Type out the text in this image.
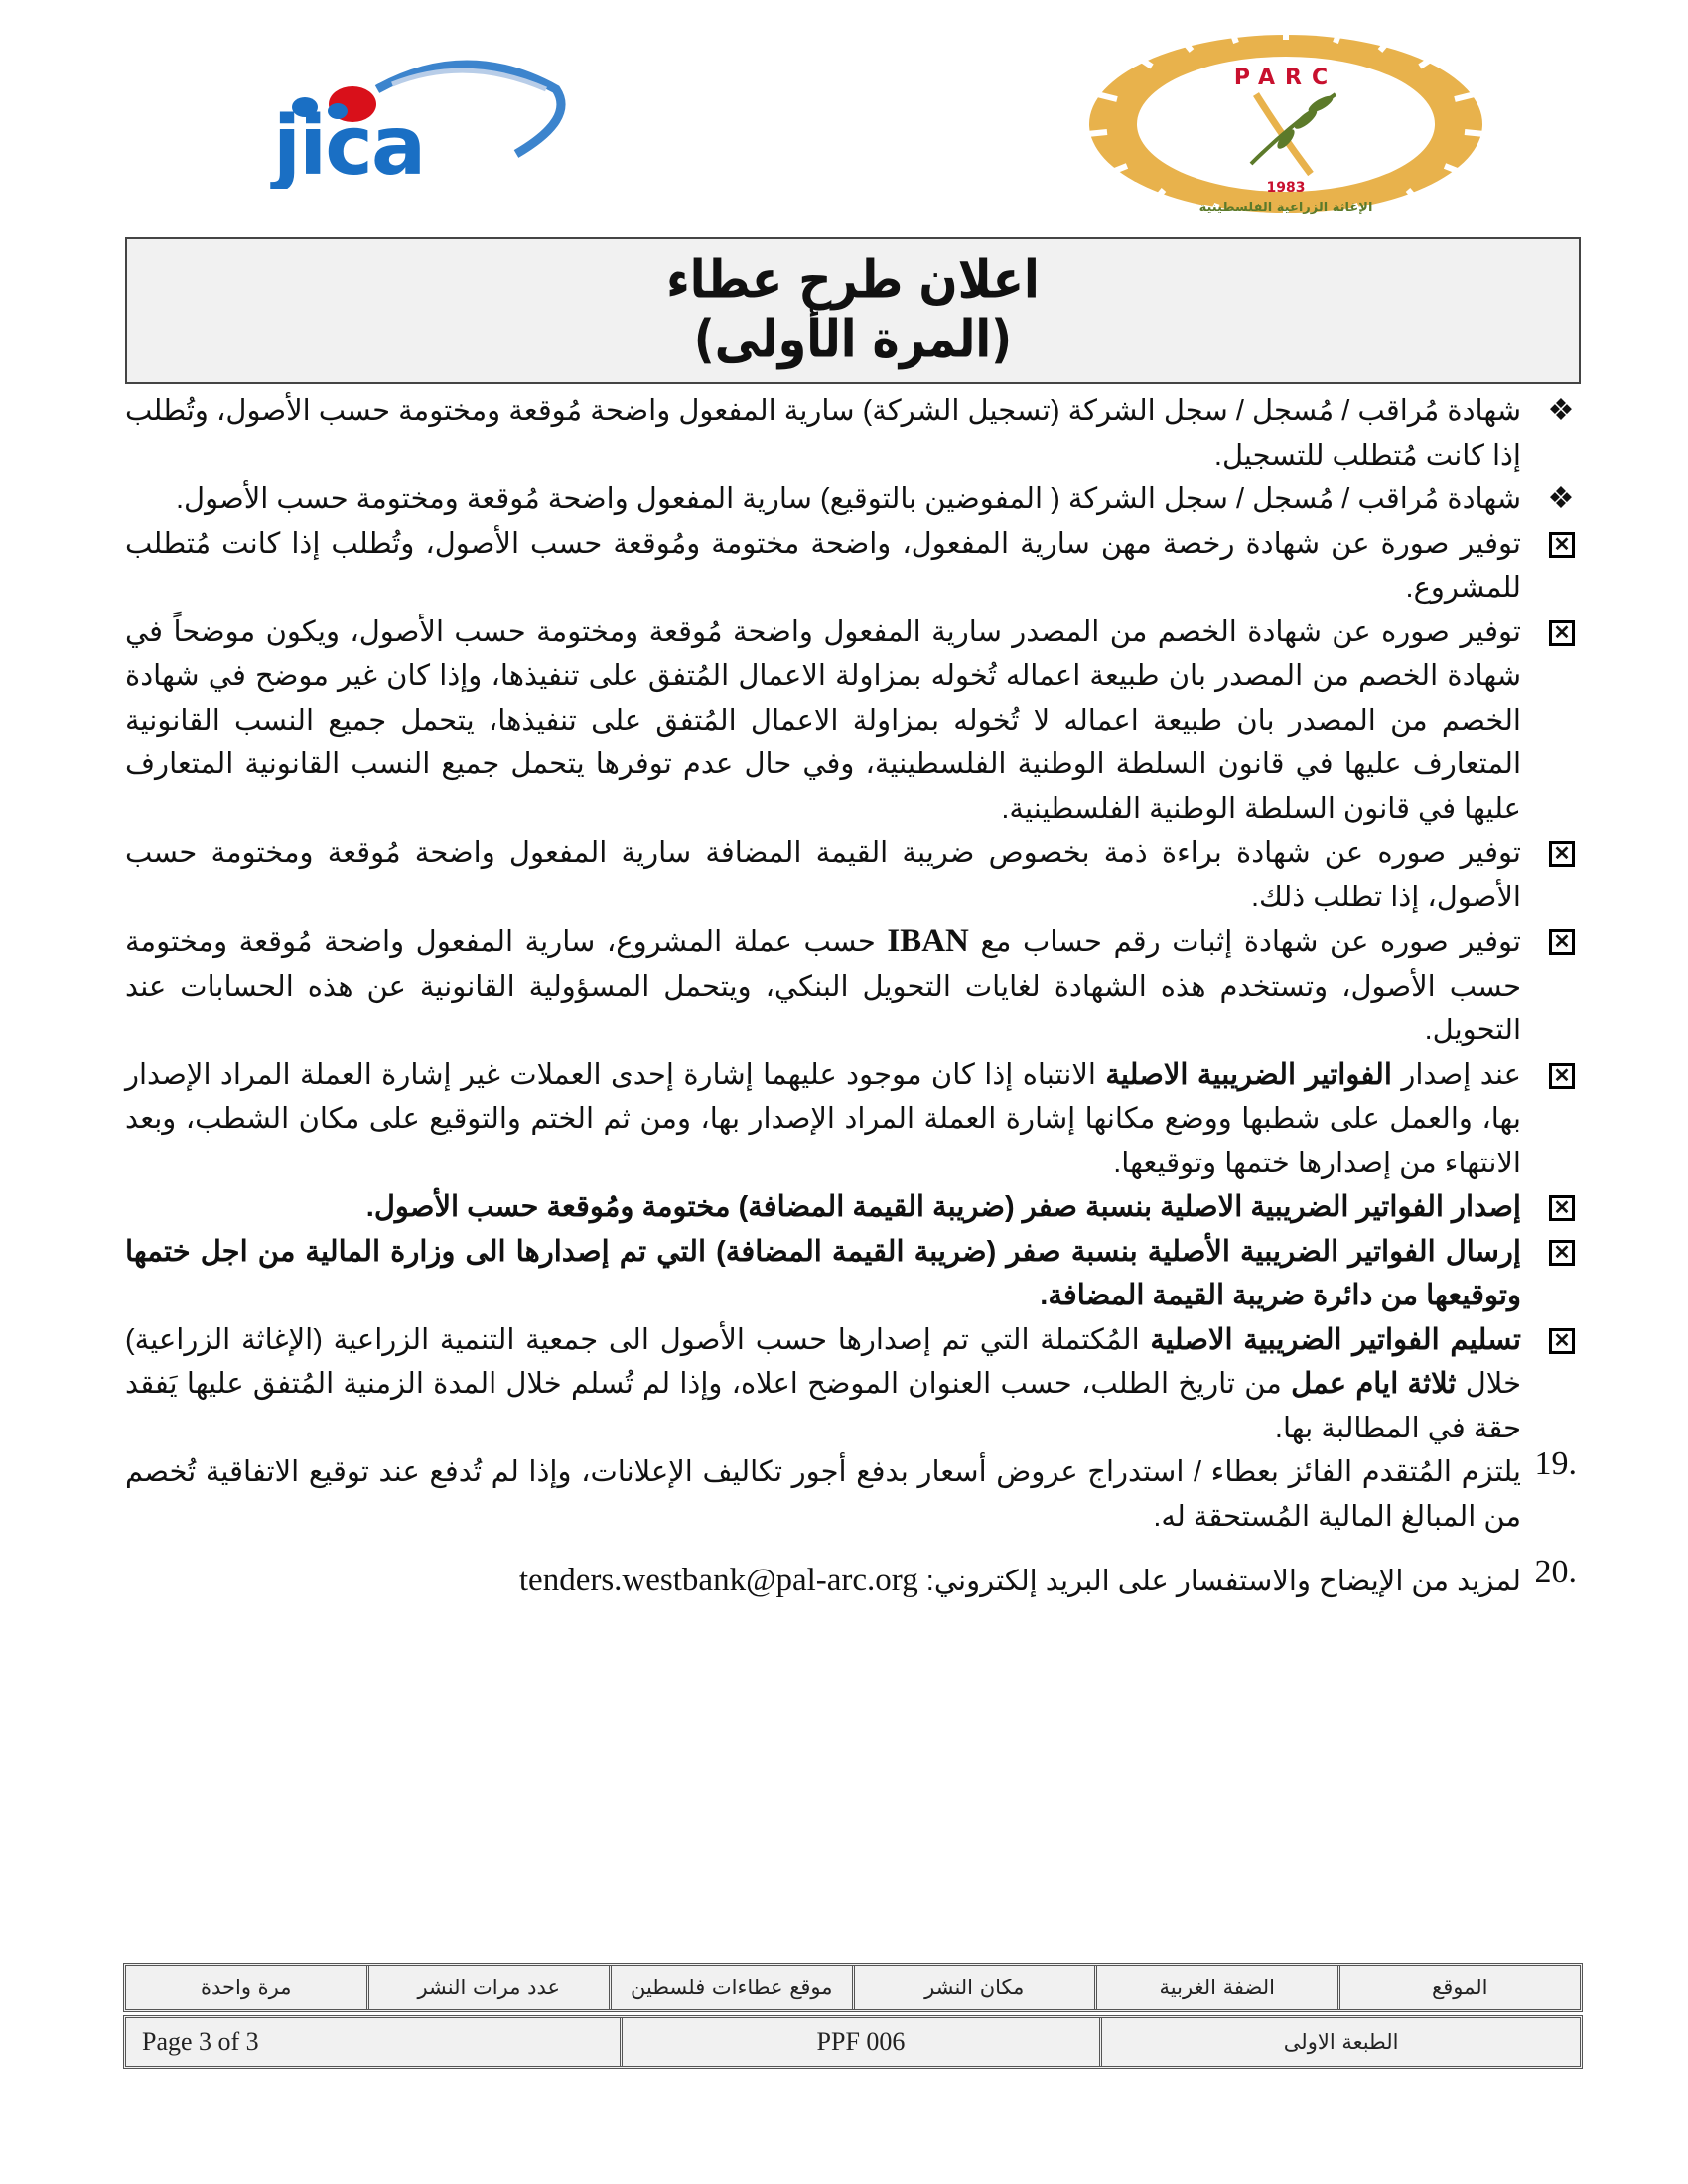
jica
PARC
1983
الإغاثة الزراعية الفلسطينية
اعلان طرح عطاء
(المرة الأولى)
❖
شهادة مُراقب / مُسجل / سجل الشركة (تسجيل الشركة) سارية المفعول واضحة مُوقعة ومختومة حسب الأصول، وتُطلب إذا كانت مُتطلب للتسجيل.
❖
شهادة مُراقب / مُسجل / سجل الشركة ( المفوضين بالتوقيع) سارية المفعول واضحة مُوقعة ومختومة حسب الأصول.
✕
توفير صورة عن شهادة رخصة مهن سارية المفعول، واضحة مختومة ومُوقعة حسب الأصول، وتُطلب إذا كانت مُتطلب للمشروع.
✕
توفير صوره عن شهادة الخصم من المصدر سارية المفعول واضحة مُوقعة ومختومة حسب الأصول، ويكون موضحاً في شهادة الخصم من المصدر بان طبيعة اعماله تُخوله بمزاولة الاعمال المُتفق على تنفيذها، وإذا كان غير موضح في شهادة الخصم من المصدر بان طبيعة اعماله لا تُخوله بمزاولة الاعمال المُتفق على تنفيذها، يتحمل جميع النسب القانونية المتعارف عليها في قانون السلطة الوطنية الفلسطينية، وفي حال عدم توفرها يتحمل جميع النسب القانونية المتعارف عليها في قانون السلطة الوطنية الفلسطينية.
✕
توفير صوره عن شهادة براءة ذمة بخصوص ضريبة القيمة المضافة سارية المفعول واضحة مُوقعة ومختومة حسب الأصول، إذا تطلب ذلك.
✕
توفير صوره عن شهادة إثبات رقم حساب مع IBAN حسب عملة المشروع، سارية المفعول واضحة مُوقعة ومختومة حسب الأصول، وتستخدم هذه الشهادة لغايات التحويل البنكي، ويتحمل المسؤولية القانونية عن هذه الحسابات عند التحويل.
✕
عند إصدار الفواتير الضريبية الاصلية الانتباه إذا كان موجود عليهما إشارة إحدى العملات غير إشارة العملة المراد الإصدار بها، والعمل على شطبها ووضع مكانها إشارة العملة المراد الإصدار بها، ومن ثم الختم والتوقيع على مكان الشطب، وبعد الانتهاء من إصدارها ختمها وتوقيعها.
✕
إصدار الفواتير الضريبية الاصلية بنسبة صفر (ضريبة القيمة المضافة) مختومة ومُوقعة حسب الأصول.
✕
إرسال الفواتير الضريبية الأصلية بنسبة صفر (ضريبة القيمة المضافة) التي تم إصدارها الى وزارة المالية من اجل ختمها وتوقيعها من دائرة ضريبة القيمة المضافة.
✕
تسليم الفواتير الضريبية الاصلية المُكتملة التي تم إصدارها حسب الأصول الى جمعية التنمية الزراعية (الإغاثة الزراعية) خلال ثلاثة ايام عمل من تاريخ الطلب، حسب العنوان الموضح اعلاه، وإذا لم تُسلم خلال المدة الزمنية المُتفق عليها يَفقد حقة في المطالبة بها.
19.
يلتزم المُتقدم الفائز بعطاء / استدراج عروض أسعار بدفع أجور تكاليف الإعلانات، وإذا لم تُدفع عند توقيع الاتفاقية تُخصم من المبالغ المالية المُستحقة له.
20.
لمزيد من الإيضاح والاستفسار على البريد إلكتروني: tenders.westbank@pal-arc.org
الموقع
الضفة الغربية
مكان النشر
موقع عطاءات فلسطين
عدد مرات النشر
مرة واحدة
الطبعة الاولى
PPF 006
Page 3 of 3
